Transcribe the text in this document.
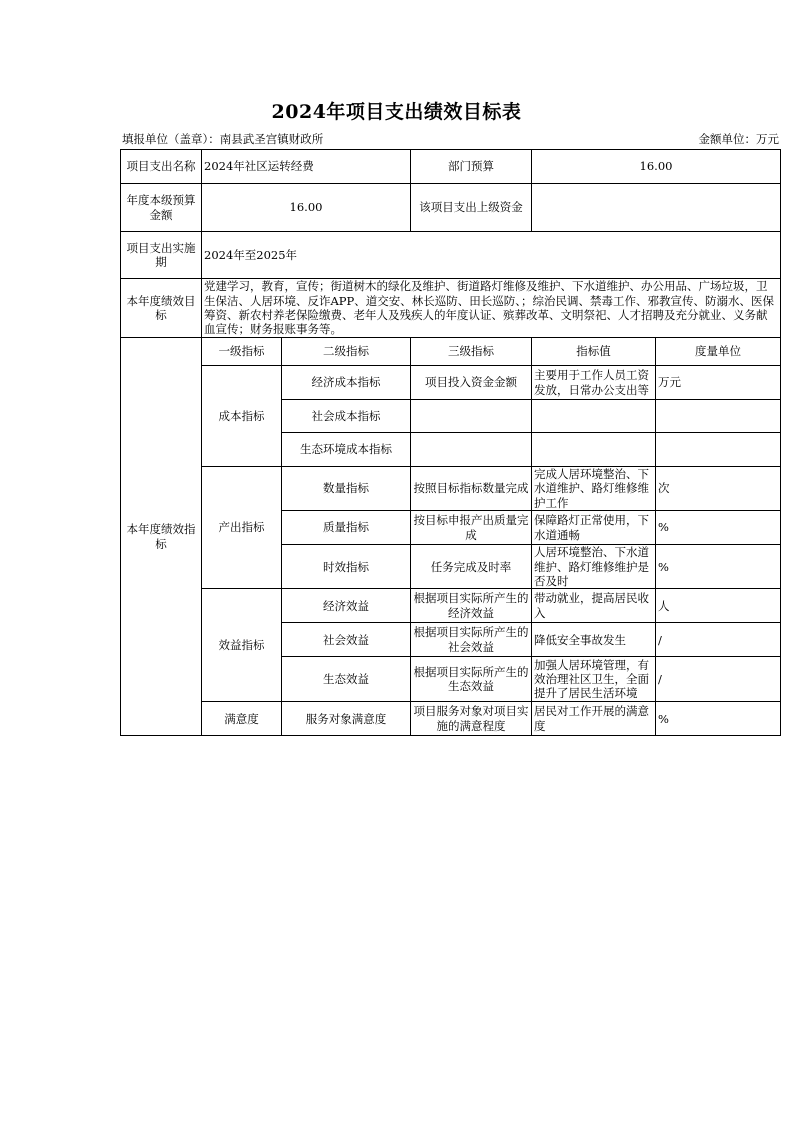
2024年项目支出绩效目标表
填报单位（盖章）：南县武圣宫镇财政所	金额单位：万元
项目支出名称	2024年社区运转经费		部门预算	16.00	
年度本级预算金额	16.00		该项目支出上级资金		
项目支出实施期	2024年至2025年				
本年度绩效目标	党建学习，教育，宣传；街道树木的绿化及维护、街道路灯维修及维护、下水道维护、办公用品、广场垃圾，卫生保洁、人居环境、反诈APP、道交安、林长巡防、田长巡防、；综治民调、禁毒工作、邪教宣传、防溺水、医保筹资、新农村养老保险缴费、老年人及残疾人的年度认证、殡葬改革、文明祭祀、人才招聘及充分就业、义务献血宣传；财务报账事务等。				
本年度绩效指标	一级指标	二级指标	三级指标	指标值	度量单位
	成本指标	经济成本指标	项目投入资金金额	主要用于工作人员工资发放，日常办公支出等	万元
		社会成本指标			
		生态环境成本指标			
	产出指标	数量指标	按照目标指标数量完成	完成人居环境整治、下水道维护、路灯维修维护工作	次
		质量指标	按目标申报产出质量完成	保障路灯正常使用，下水道通畅	%
		时效指标	任务完成及时率	人居环境整治、下水道维护、路灯维修维护是否及时	%
	效益指标	经济效益	根据项目实际所产生的经济效益	带动就业，提高居民收入	人
		社会效益	根据项目实际所产生的社会效益	降低安全事故发生	/
		生态效益	根据项目实际所产生的生态效益	加强人居环境管理，有效治理社区卫生，全面提升了居民生活环境	/
	满意度	服务对象满意度	项目服务对象对项目实施的满意程度	居民对工作开展的满意度	%
